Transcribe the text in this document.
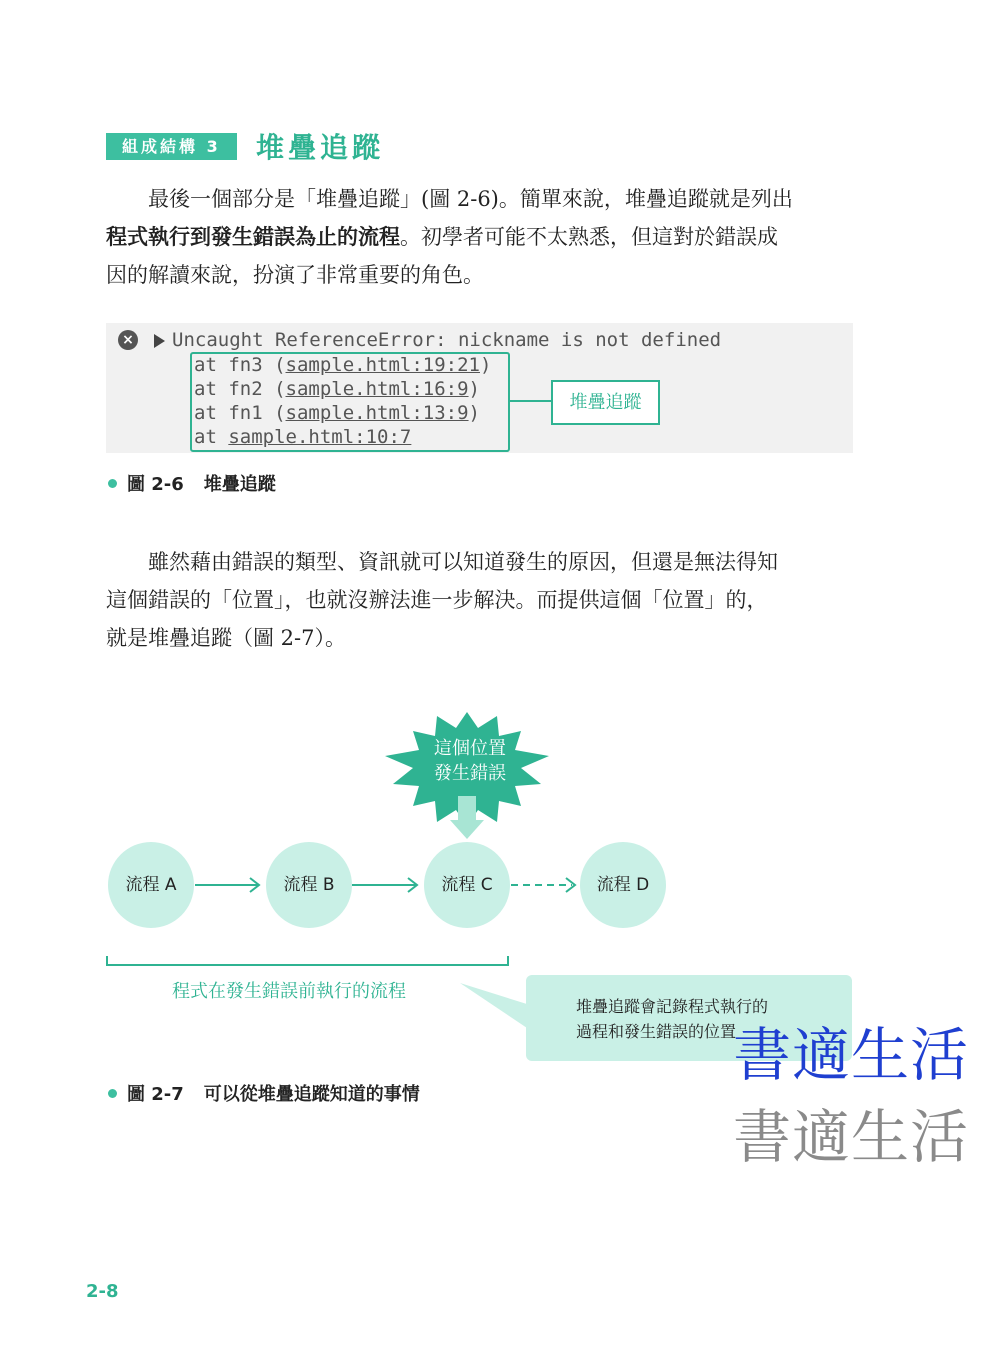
組成結構 3	堆疊追蹤
最後一個部分是「堆疊追蹤」(圖 2-6)。簡單來說，堆疊追蹤就是列出
程式執行到發生錯誤為止的流程。初學者可能不太熟悉，但這對於錯誤成
因的解讀來說，扮演了非常重要的角色。
× Uncaught ReferenceError: nickname is not defined
at fn3 (sample.html:19:21)
at fn2 (sample.html:16:9)
at fn1 (sample.html:13:9)
at sample.html:10:7
堆疊追蹤
圖 2-6 堆疊追蹤
雖然藉由錯誤的類型、資訊就可以知道發生的原因，但還是無法得知
這個錯誤的「位置」，也就沒辦法進一步解決。而提供這個「位置」的，
就是堆疊追蹤（圖 2-7）。
這個位置
發生錯誤
流程 A	流程 B	流程 C	流程 D
程式在發生錯誤前執行的流程
堆疊追蹤會記錄程式執行的
過程和發生錯誤的位置
圖 2-7 可以從堆疊追蹤知道的事情
書適生活
書適生活
2-8
